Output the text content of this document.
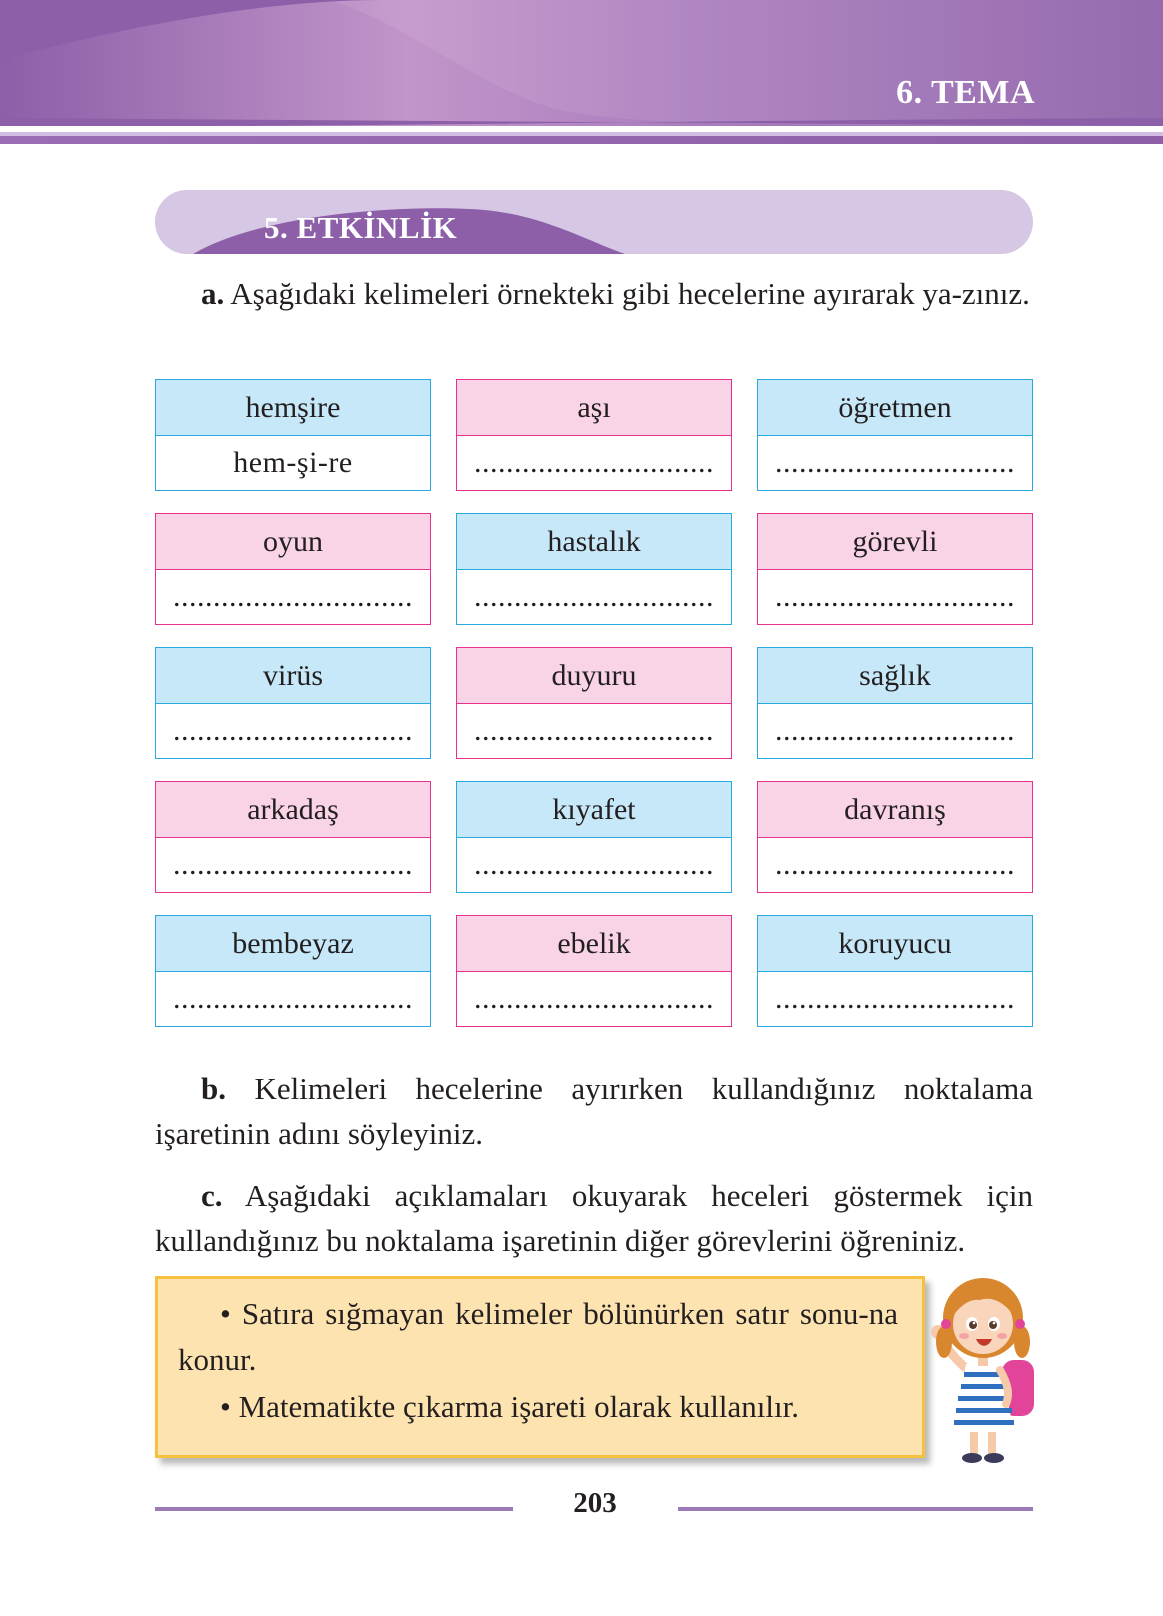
6. TEMA
5. ETKİNLİK
a. Aşağıdaki kelimeleri örnekteki gibi hecelerine ayırarak ya-zınız.
hemşire
hem-şi-re
aşı
..............................
öğretmen
..............................
oyun
..............................
hastalık
..............................
görevli
..............................
virüs
..............................
duyuru
..............................
sağlık
..............................
arkadaş
..............................
kıyafet
..............................
davranış
..............................
bembeyaz
..............................
ebelik
..............................
koruyucu
..............................
b. Kelimeleri hecelerine ayırırken kullandığınız noktalama işaretinin adını söyleyiniz.
c. Aşağıdaki açıklamaları okuyarak heceleri göstermek için kullandığınız bu noktalama işaretinin diğer görevlerini öğreniniz.

• Satıra sığmayan kelimeler bölünürken satır sonu-na konur.

• Matematikte çıkarma işareti olarak kullanılır.

203
